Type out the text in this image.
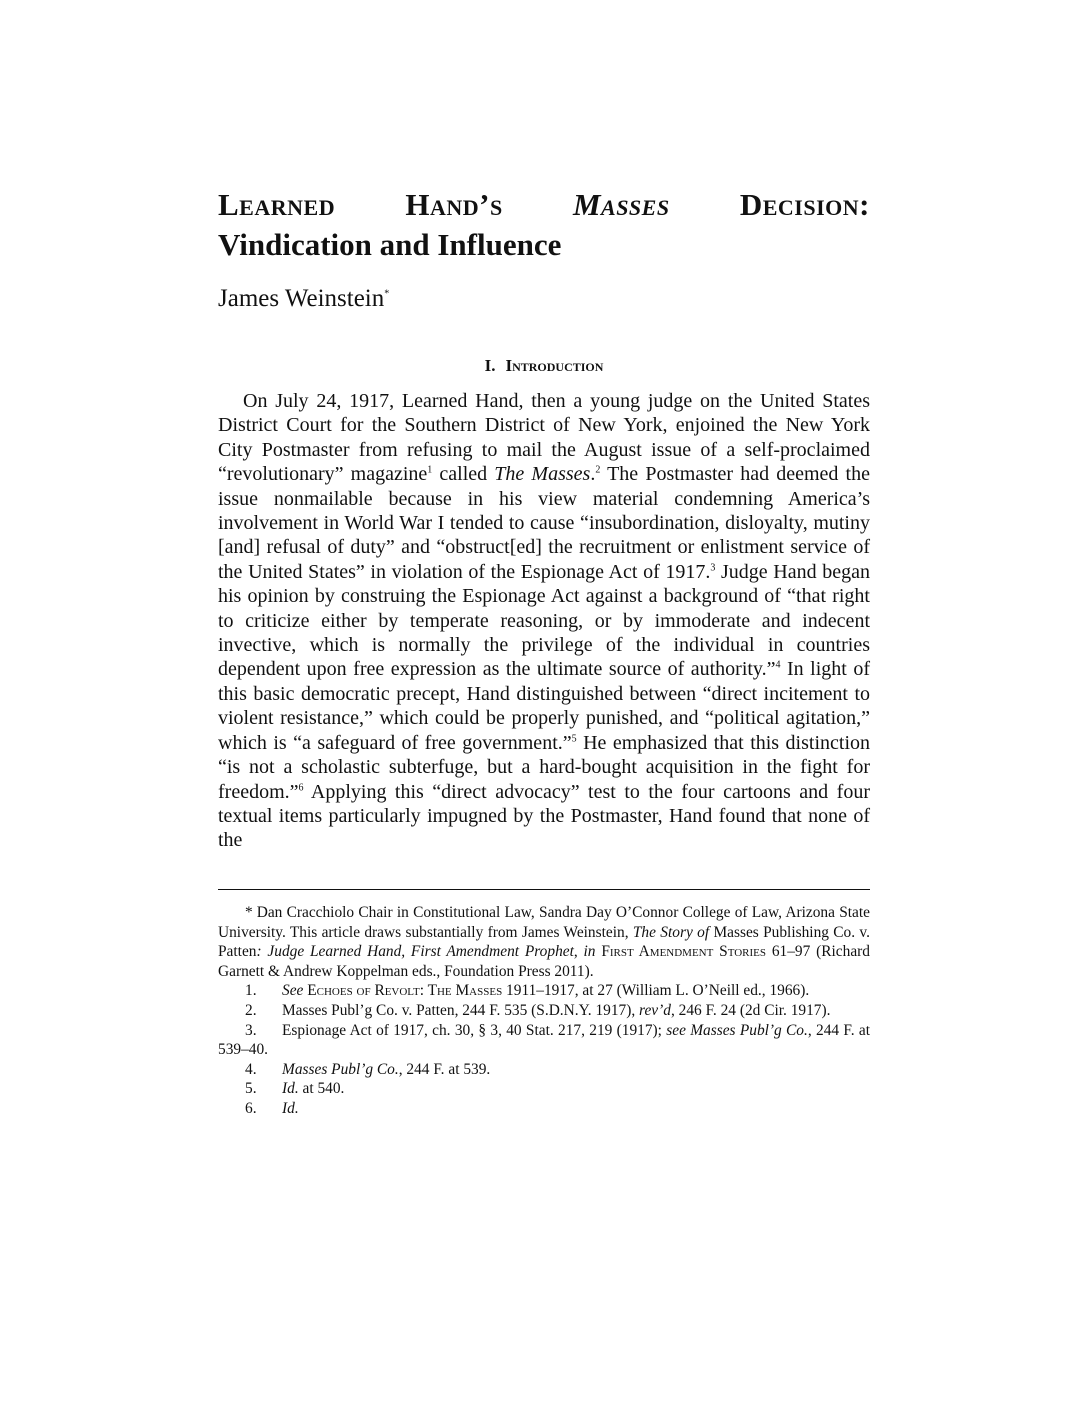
Learned Hand’s Masses Decision:
Vindication and Influence

James Weinstein*

I. Introduction

On July 24, 1917, Learned Hand, then a young judge on the United States District Court for the Southern District of New York, enjoined the New York City Postmaster from refusing to mail the August issue of a self-proclaimed “revolutionary” magazine$^1$ called The Masses.$^2$ The Postmaster had deemed the issue nonmailable because in his view material condemning America’s involvement in World War I tended to cause “insubordination, disloyalty, mutiny [and] refusal of duty” and “obstruct[ed] the recruitment or enlistment service of the United States” in violation of the Espionage Act of 1917.$^3$ Judge Hand began his opinion by construing the Espionage Act against a background of “that right to criticize either by temperate reasoning, or by immoderate and indecent invective, which is normally the privilege of the individual in countries dependent upon free expression as the ultimate source of authority.”$^4$ In light of this basic democratic precept, Hand distinguished between “direct incitement to violent resistance,” which could be properly punished, and “political agitation,” which is “a safeguard of free government.”$^5$ He emphasized that this distinction “is not a scholastic subterfuge, but a hard-bought acquisition in the fight for freedom.”$^6$ Applying this “direct advocacy” test to the four cartoons and four textual items particularly impugned by the Postmaster, Hand found that none of the

* Dan Cracchiolo Chair in Constitutional Law, Sandra Day O’Connor College of Law, Arizona State University. This article draws substantially from James Weinstein, The Story of Masses Publishing Co. v. Patten: Judge Learned Hand, First Amendment Prophet, in First Amendment Stories 61–97 (Richard Garnett & Andrew Koppelman eds., Foundation Press 2011).

1. See Echoes of Revolt: The Masses 1911–1917, at 27 (William L. O’Neill ed., 1966).

2. Masses Publ’g Co. v. Patten, 244 F. 535 (S.D.N.Y. 1917), rev’d, 246 F. 24 (2d Cir. 1917).

3. Espionage Act of 1917, ch. 30, § 3, 40 Stat. 217, 219 (1917); see Masses Publ’g Co., 244 F. at 539–40.

4. Masses Publ’g Co., 244 F. at 539.

5. Id. at 540.

6. Id.
